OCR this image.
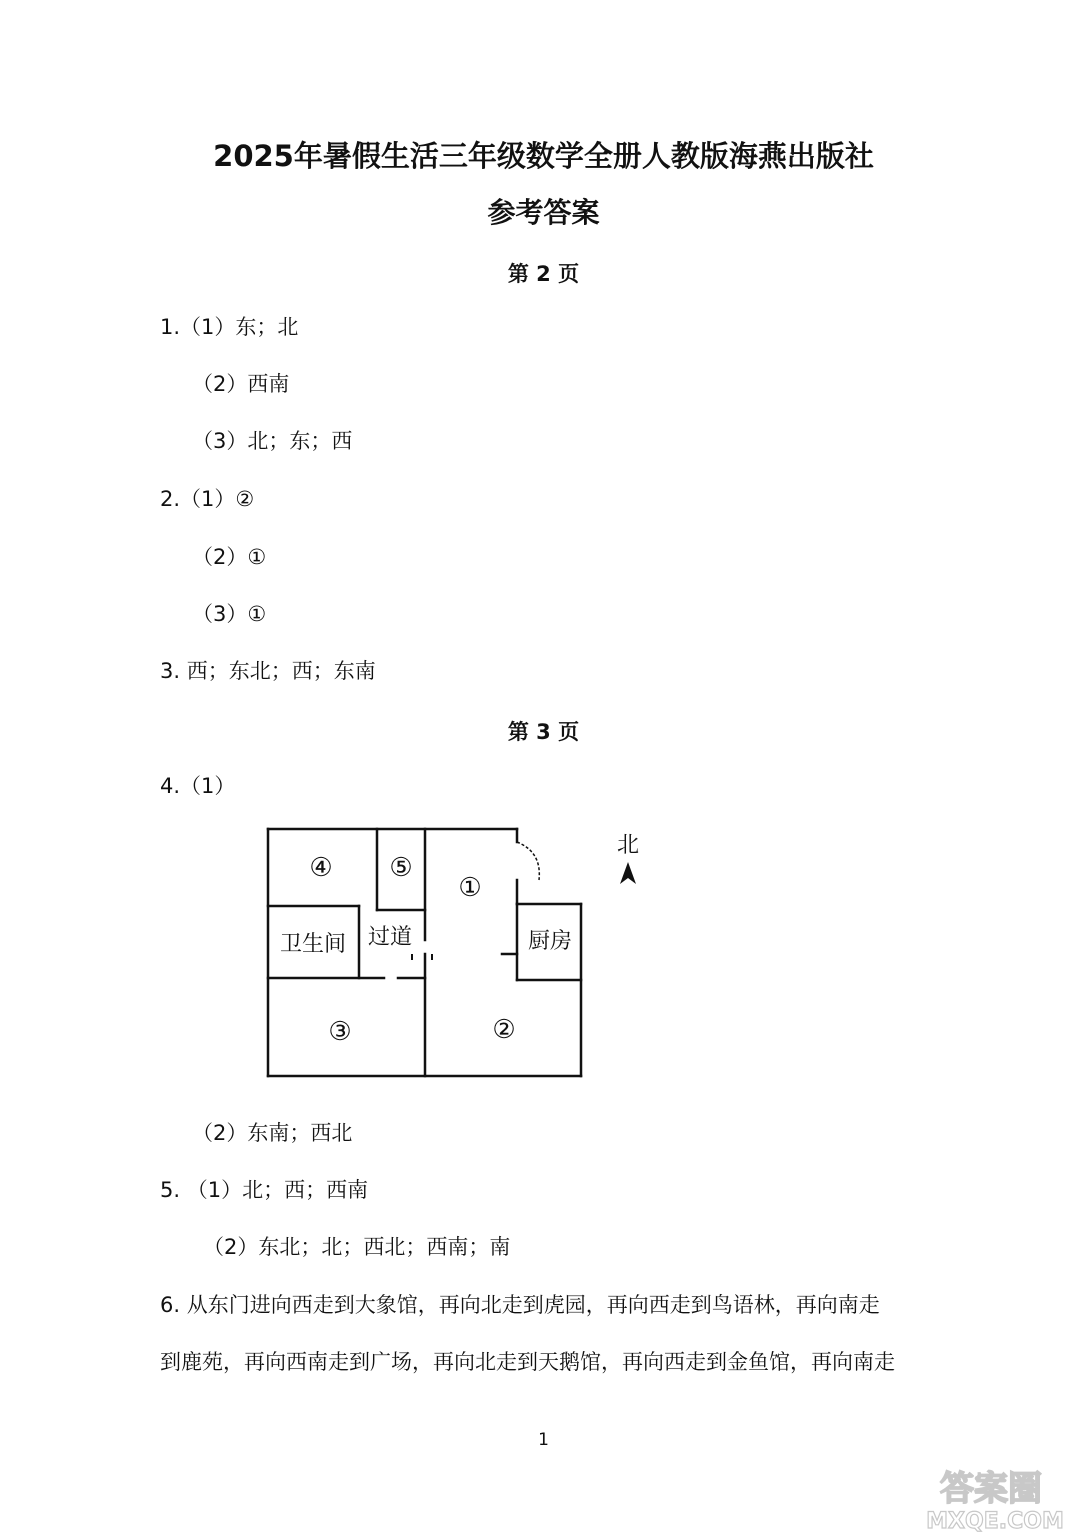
2025年暑假生活三年级数学全册人教版海燕出版社
参考答案
第 2 页
1.（1）东；北
（2）西南
（3）北；东；西
2.（1）②
（2）①
（3）①
3. 西；东北；西；东南
第 3 页
4.（1）
北
④ ⑤
①
卫生间 过道	厨房
③	②
（2）东南；西北
5. （1）北；西；西南
（2）东北；北；西北；西南；南
6. 从东门进向西走到大象馆，再向北走到虎园，再向西走到鸟语林，再向南走
到鹿苑，再向西南走到广场，再向北走到天鹅馆，再向西走到金鱼馆，再向南走
1
答案圈
MXQE.COM
